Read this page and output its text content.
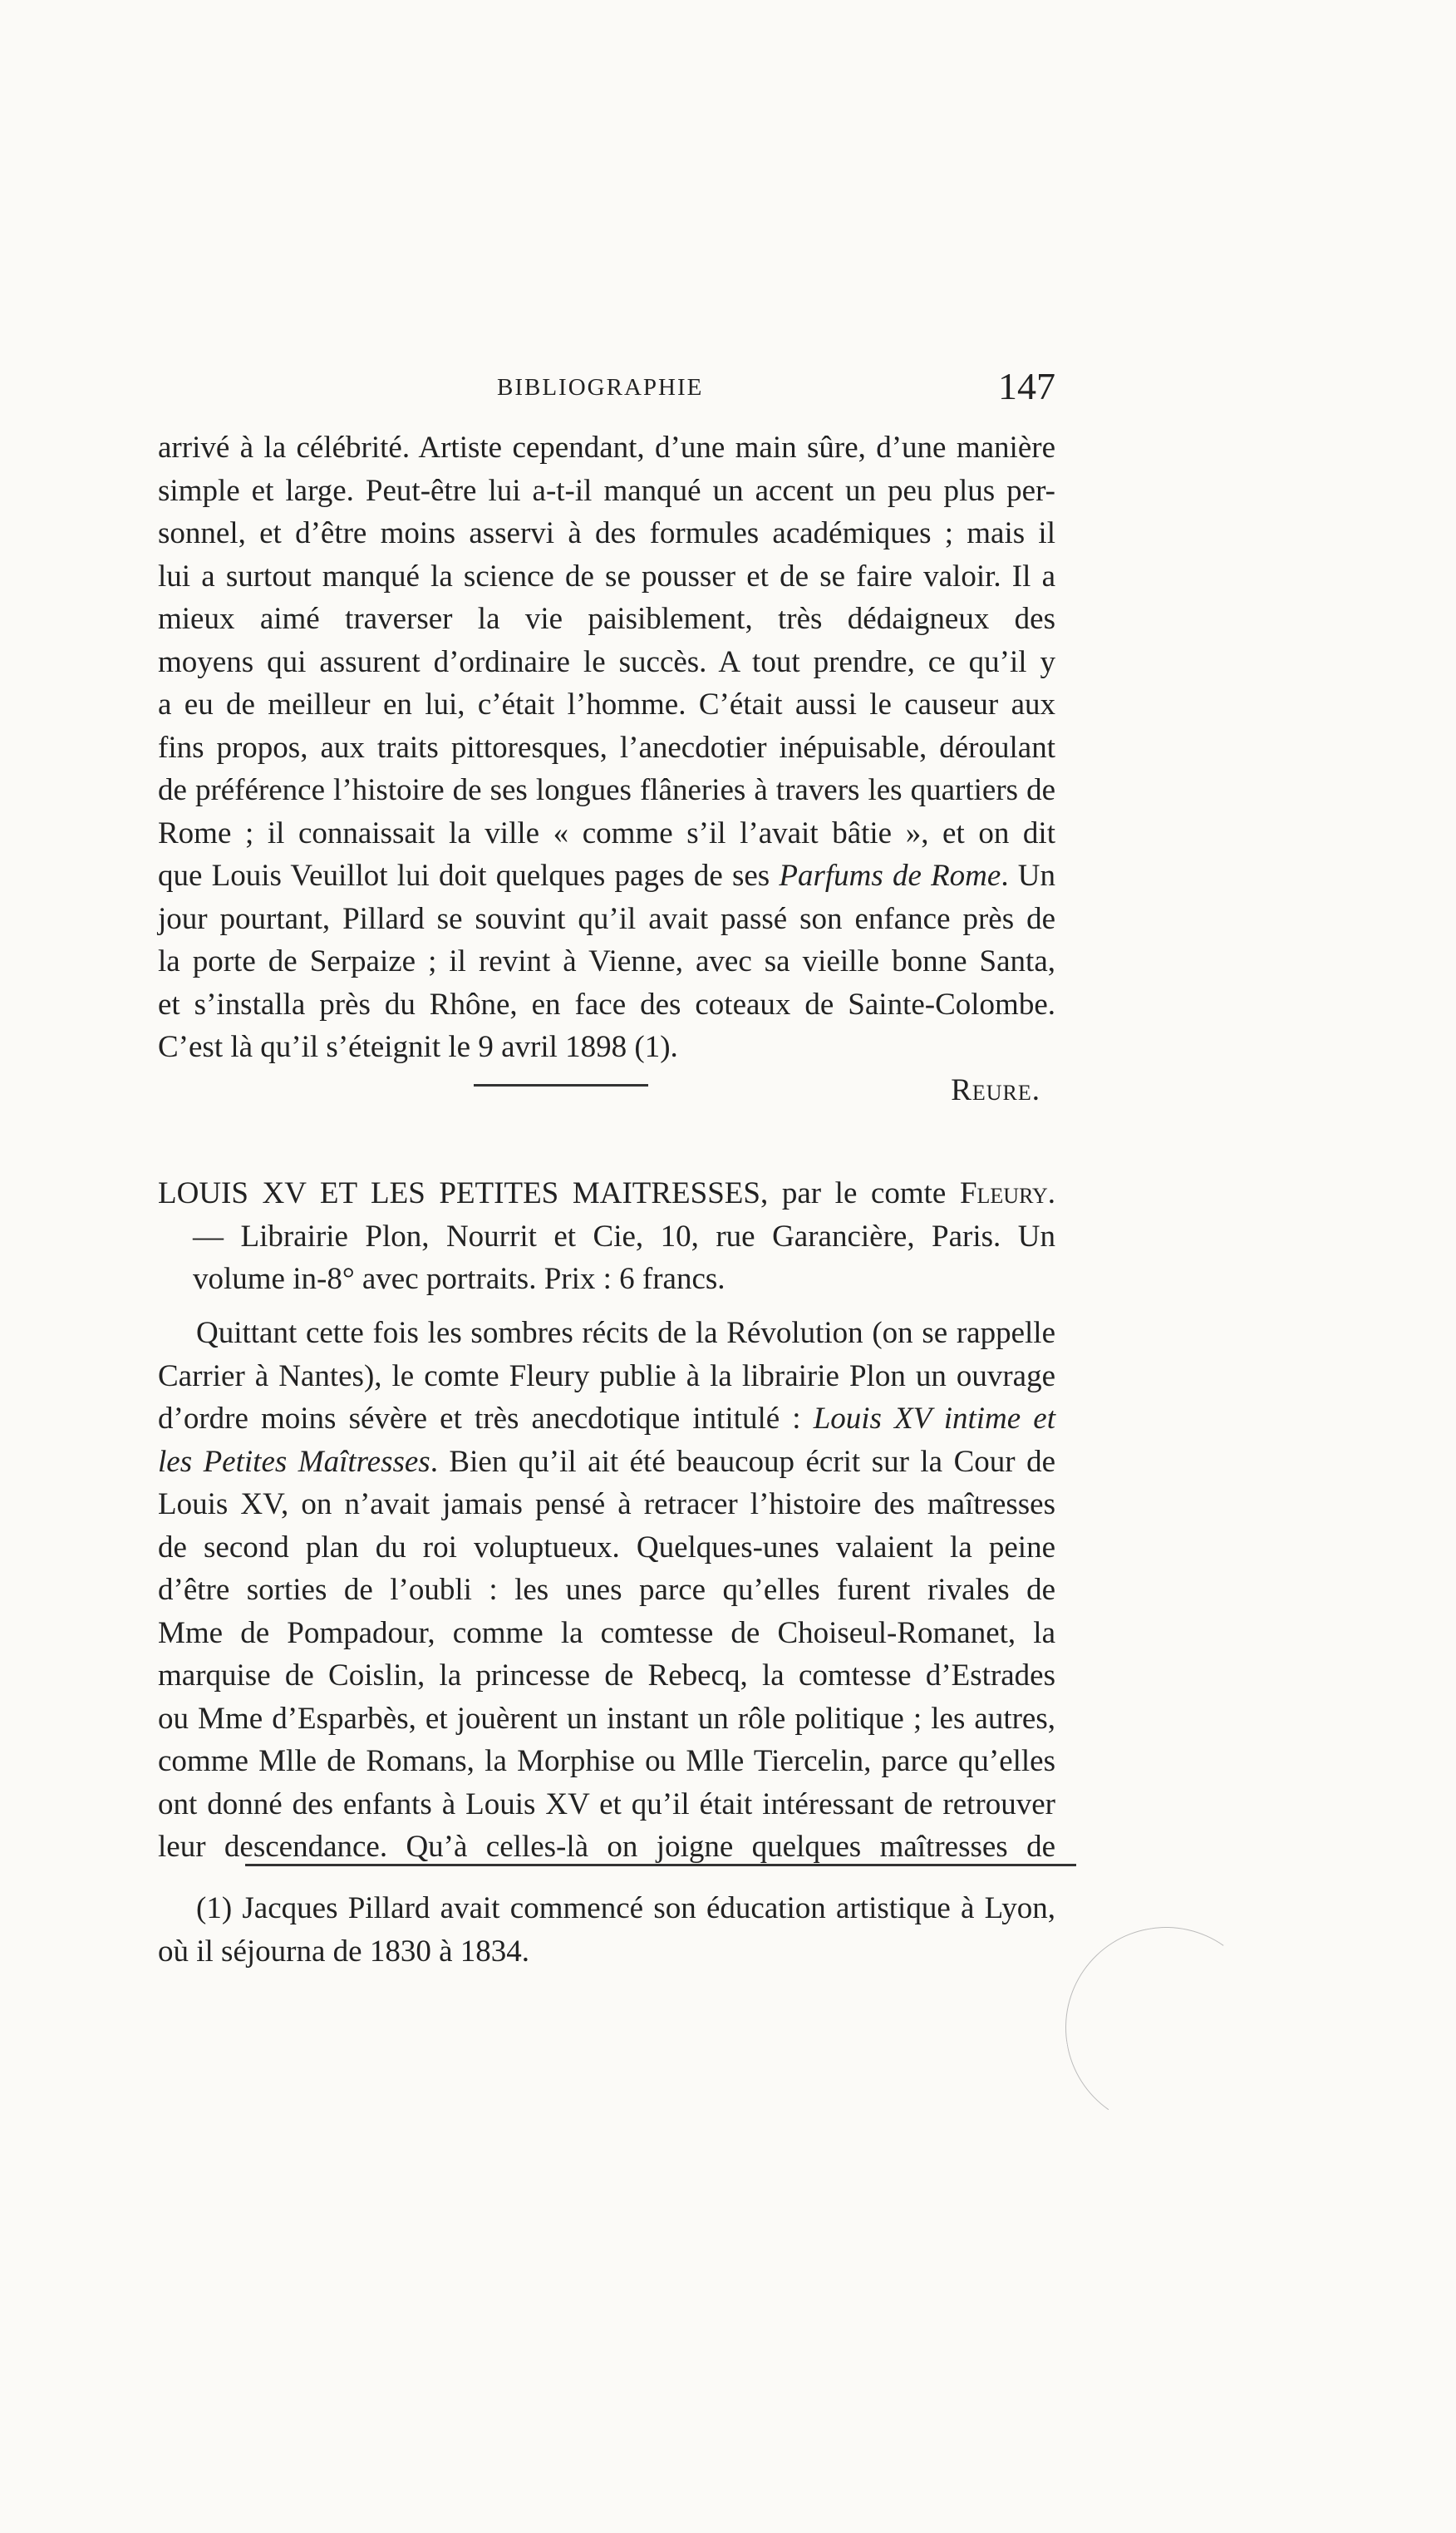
BIBLIOGRAPHIE	147
arrivé à la célébrité. Artiste cependant, d’une main sûre, d’une manière
simple et large. Peut-être lui a-t-il manqué un accent un peu plus per-
sonnel, et d’être moins asservi à des formules académiques ; mais il
lui a surtout manqué la science de se pousser et de se faire valoir. Il a
mieux aimé traverser la vie paisiblement, très dédaigneux des
moyens qui assurent d’ordinaire le succès. A tout prendre, ce qu’il y
a eu de meilleur en lui, c’était l’homme. C’était aussi le causeur aux
fins propos, aux traits pittoresques, l’anecdotier inépuisable, déroulant
de préférence l’histoire de ses longues flâneries à travers les quartiers de
Rome ; il connaissait la ville « comme s’il l’avait bâtie », et on dit
que Louis Veuillot lui doit quelques pages de ses Parfums de Rome. Un
jour pourtant, Pillard se souvint qu’il avait passé son enfance près de
la porte de Serpaize ; il revint à Vienne, avec sa vieille bonne Santa,
et s’installa près du Rhône, en face des coteaux de Sainte-Colombe.
C’est là qu’il s’éteignit le 9 avril 1898 (1).
Reure.
LOUIS XV ET LES PETITES MAITRESSES, par le comte Fleury.
— Librairie Plon, Nourrit et Cie, 10, rue Garancière, Paris. Un
volume in-8° avec portraits. Prix : 6 francs.
Quittant cette fois les sombres récits de la Révolution (on se rappelle
Carrier à Nantes), le comte Fleury publie à la librairie Plon un ouvrage
d’ordre moins sévère et très anecdotique intitulé : Louis XV intime et
les Petites Maîtresses. Bien qu’il ait été beaucoup écrit sur la Cour de
Louis XV, on n’avait jamais pensé à retracer l’histoire des maîtresses
de second plan du roi voluptueux. Quelques-unes valaient la peine
d’être sorties de l’oubli : les unes parce qu’elles furent rivales de
Mme de Pompadour, comme la comtesse de Choiseul-Romanet, la
marquise de Coislin, la princesse de Rebecq, la comtesse d’Estrades
ou Mme d’Esparbès, et jouèrent un instant un rôle politique ; les autres,
comme Mlle de Romans, la Morphise ou Mlle Tiercelin, parce qu’elles
ont donné des enfants à Louis XV et qu’il était intéressant de retrouver
leur descendance. Qu’à celles-là on joigne quelques maîtresses de
(1) Jacques Pillard avait commencé son éducation artistique à Lyon,
où il séjourna de 1830 à 1834.
